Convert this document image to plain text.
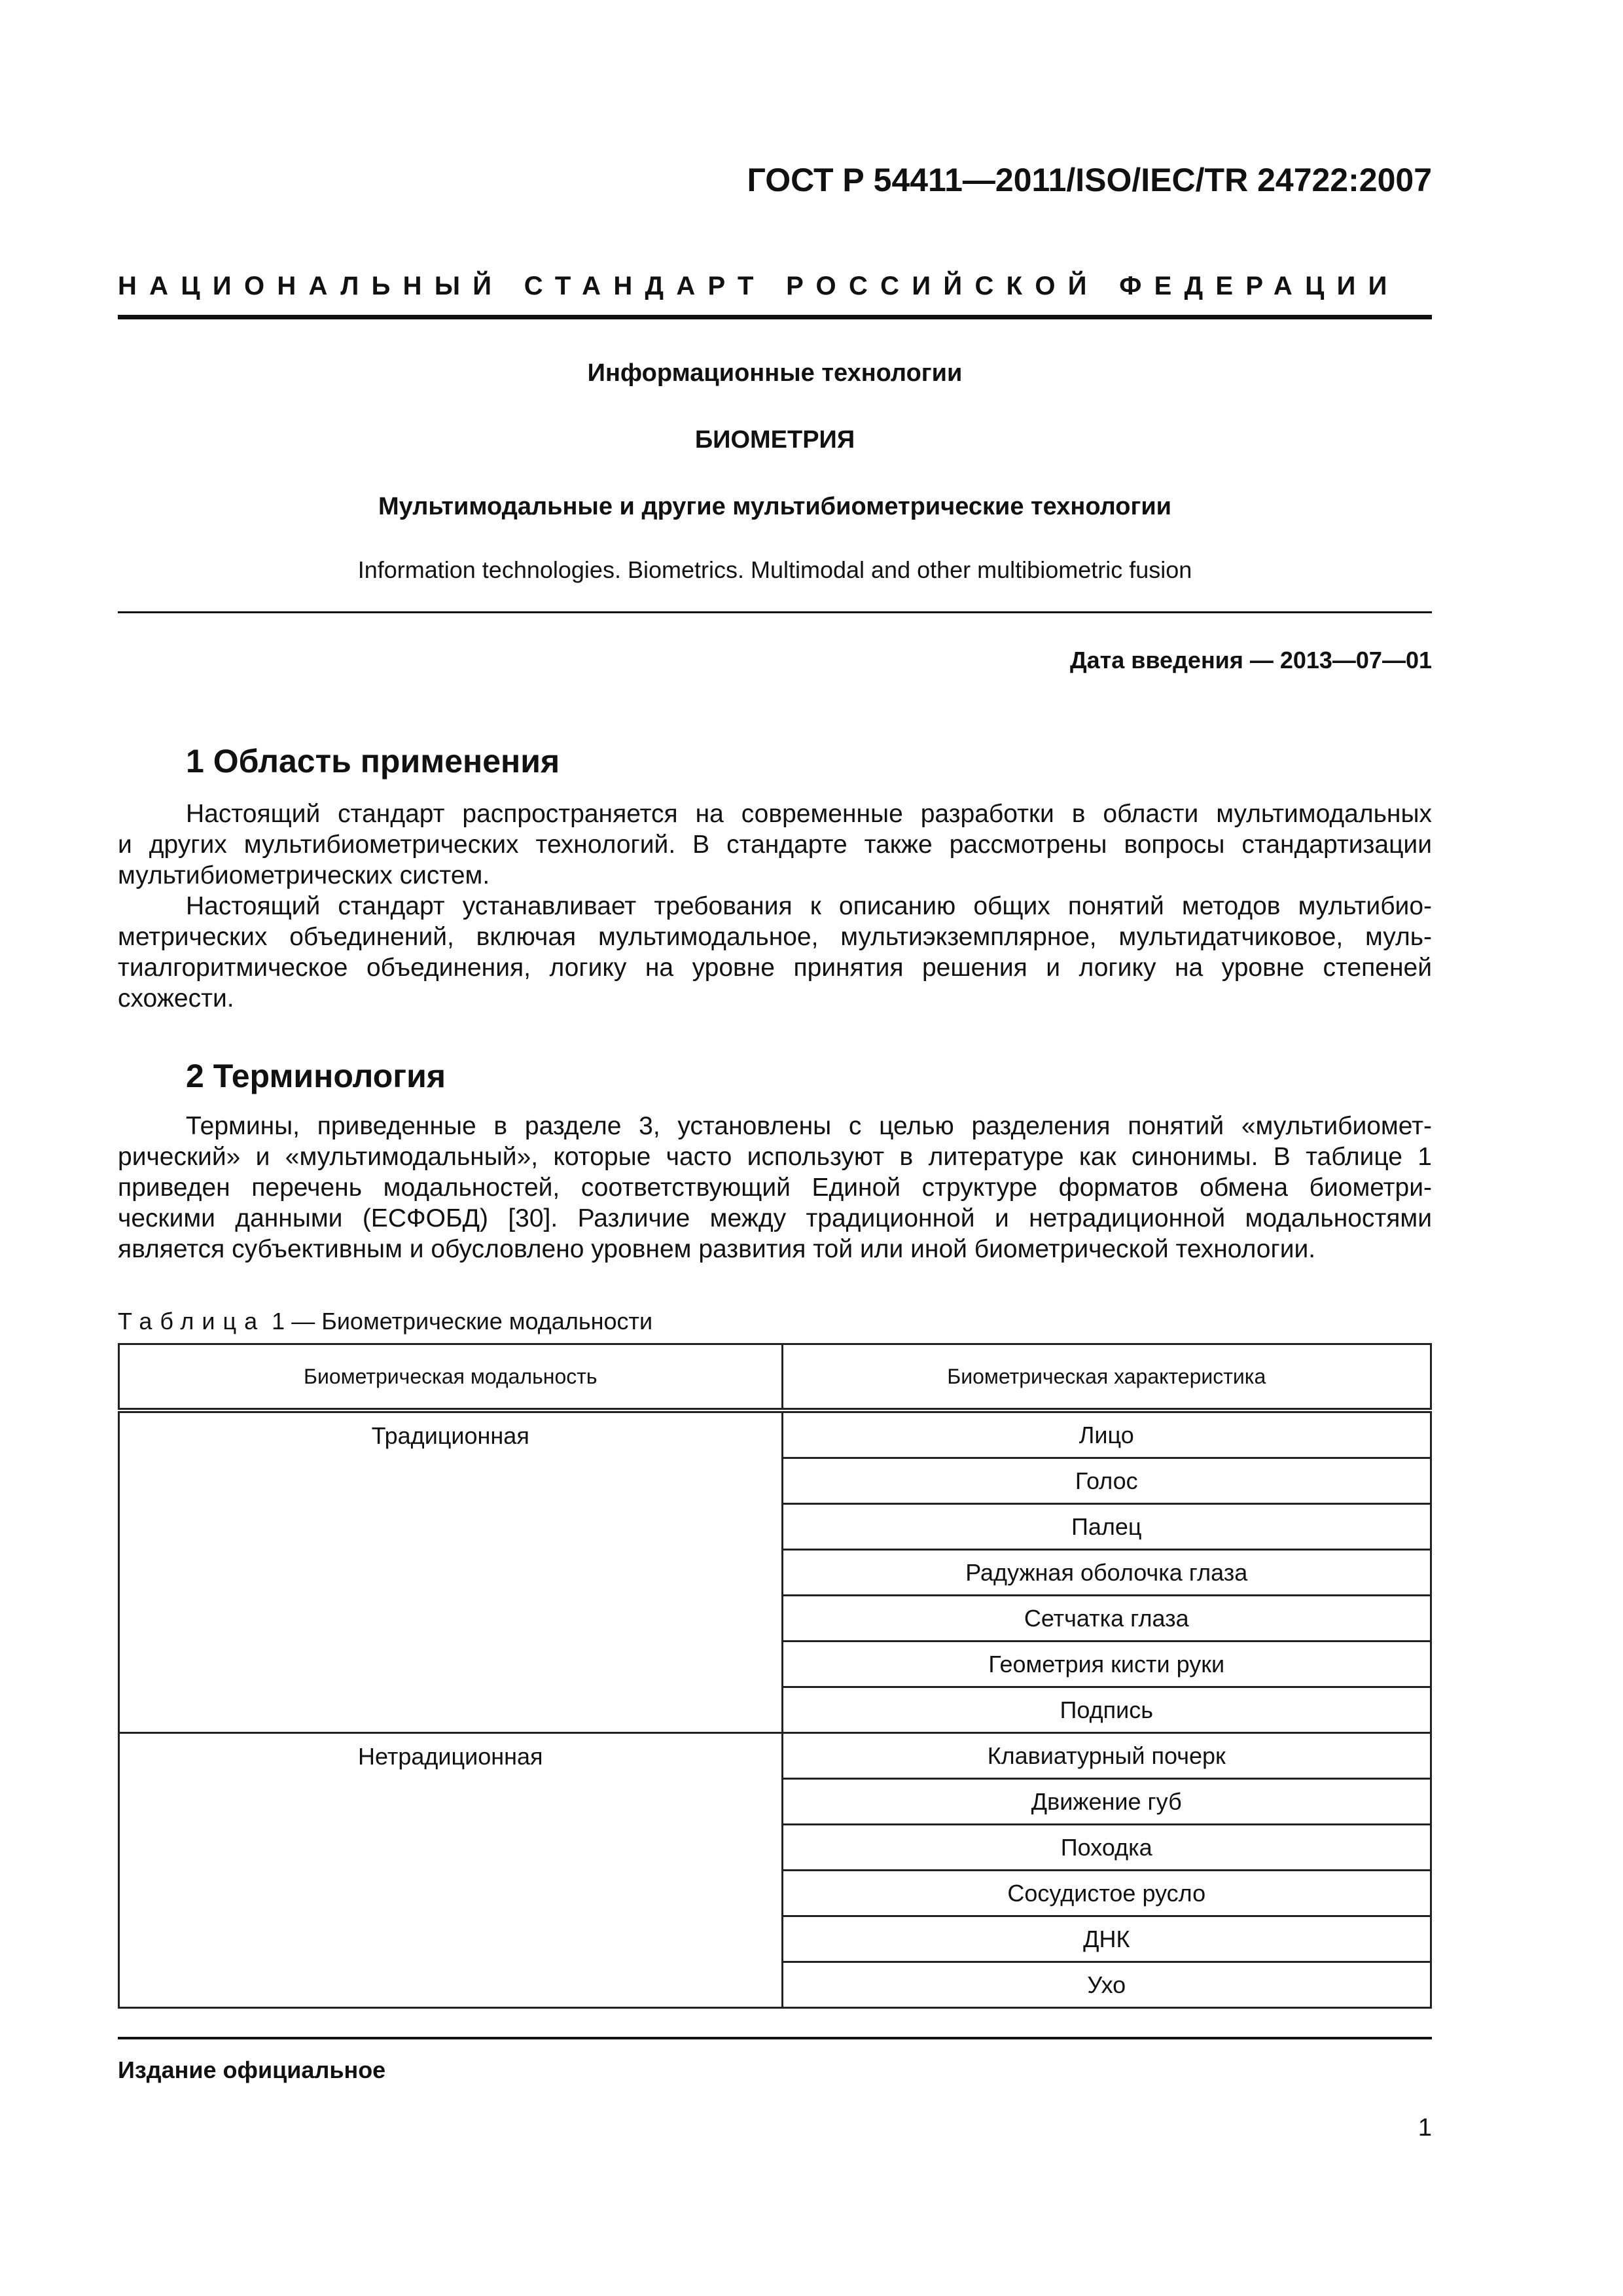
ГОСТ Р 54411—2011/ISO/IEC/TR 24722:2007
НАЦИОНАЛЬНЫЙ СТАНДАРТ РОССИЙСКОЙ ФЕДЕРАЦИИ
Информационные технологии
БИОМЕТРИЯ
Мультимодальные и другие мультибиометрические технологии
Information technologies. Biometrics. Multimodal and other multibiometric fusion
Дата введения — 2013—07—01
1 Область применения
Настоящий стандарт распространяется на современные разработки в области мультимодальных
и других мультибиометрических технологий. В стандарте также рассмотрены вопросы стандартизации
мультибиометрических систем.
Настоящий стандарт устанавливает требования к описанию общих понятий методов мультибио-
метрических объединений, включая мультимодальное, мультиэкземплярное, мультидатчиковое, муль-
тиалгоритмическое объединения, логику на уровне принятия решения и логику на уровне степеней
схожести.
2 Терминология
Термины, приведенные в разделе 3, установлены с целью разделения понятий «мультибиомет-
рический» и «мультимодальный», которые часто используют в литературе как синонимы. В таблице 1
приведен перечень модальностей, соответствующий Единой структуре форматов обмена биометри-
ческими данными (ЕСФОБД) [30]. Различие между традиционной и нетрадиционной модальностями
является субъективным и обусловлено уровнем развития той или иной биометрической технологии.
Таблица 1 — Биометрические модальности
Биометрическая модальность	Биометрическая характеристика
Традиционная	Лицо
	Голос
	Палец
	Радужная оболочка глаза
	Сетчатка глаза
	Геометрия кисти руки
	Подпись
Нетрадиционная	Клавиатурный почерк
	Движение губ
	Походка
	Сосудистое русло
	ДНК
	Ухо
Издание официальное
1
